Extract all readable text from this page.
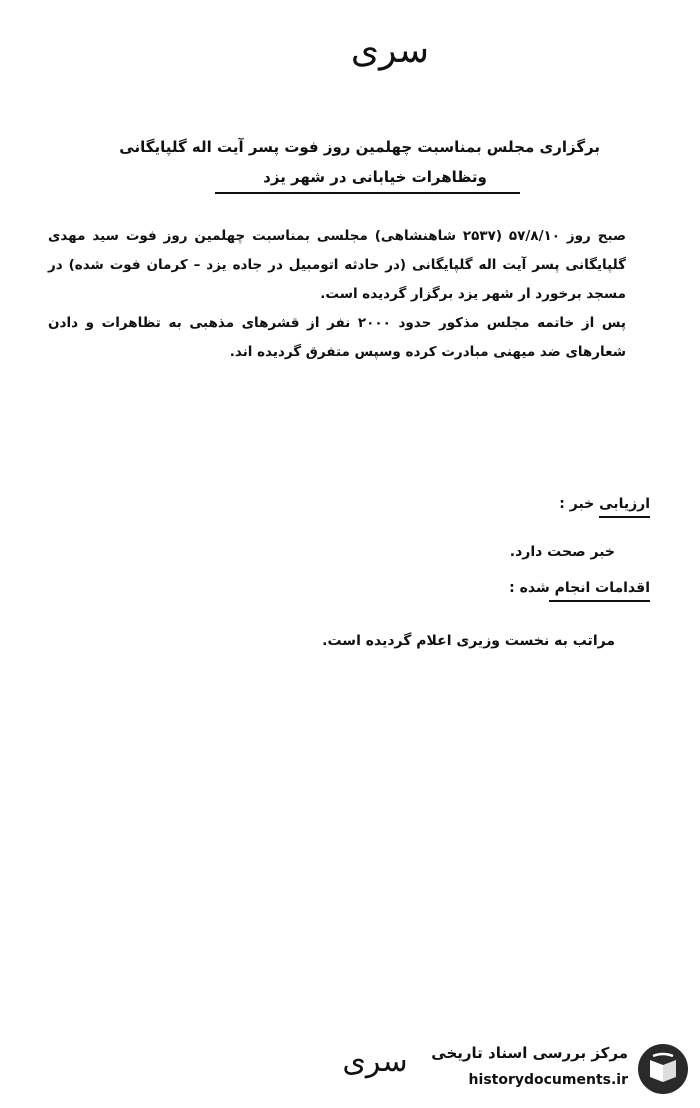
سری
برگزاری مجلس بمناسبت چهلمین روز فوت پسر آیت اله گلپایگانی
وتظاهرات خیابانی در شهر یزد

صبح روز ۵۷/۸/۱۰ (۲۵۳۷ شاهنشاهی) مجلسی بمناسبت چهلمین روز فوت سید مهدی گلپایگانی پسر آیت اله گلپایگانی (در حادثه اتومبیل در جاده یزد – کرمان فوت شده) در مسجد برخورد ار شهر یزد برگزار گردیده است.

پس از خاتمه مجلس مذکور حدود ۲۰۰۰ نفر از قشرهای مذهبی به تظاهرات و دادن شعارهای ضد میهنی مبادرت کرده وسپس متفرق گردیده اند.

ارزیابی خبر :
خبر صحت دارد.
اقدامات انجام شده :
مراتب به نخست وزیری اعلام گردیده است.
سری	مرکز بررسی اسناد تاریخی
historydocuments.ir
